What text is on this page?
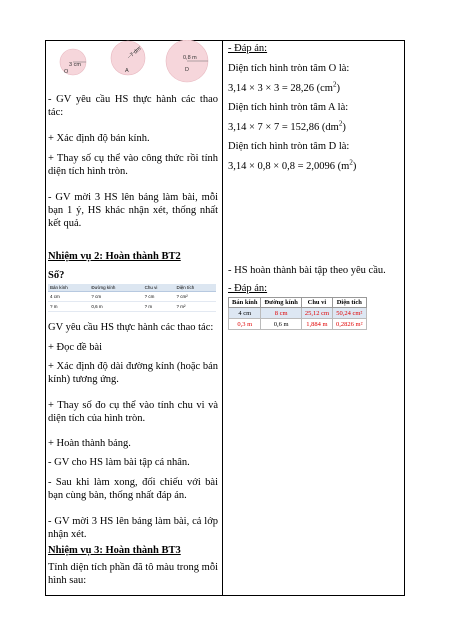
3 cm
O
7 dm
A
0,8 m
D
- GV yêu cầu HS thực hành các thao tác:
+ Xác định độ bán kính.
+ Thay số cụ thể vào công thức rồi tính diện tích hình tròn.
- GV mời 3 HS lên bảng làm bài, mỗi bạn 1 ý, HS khác nhận xét, thống nhất kết quả.
Nhiệm vụ 2: Hoàn thành BT2
Số?
Bán kính	Đường kính	Chu vi	Diện tích
4 cm	? cm	? cm	? cm²
? m	0,6 m	? m	? m²
GV yêu cầu HS thực hành các thao tác:
+ Đọc đề bài
+ Xác định độ dài đường kính (hoặc bán kính) tương ứng.
+ Thay số đo cụ thể vào tính chu vi và diện tích của hình tròn.
+ Hoàn thành bảng.
- GV cho HS làm bài tập cá nhân.
- Sau khi làm xong, đối chiếu với bài bạn cùng bàn, thống nhất đáp án.
- GV mời 3 HS lên bảng làm bài, cả lớp nhận xét.
Nhiệm vụ 3: Hoàn thành BT3
Tính diện tích phần đã tô màu trong mỗi hình sau:
- Đáp án:
Diện tích hình tròn tâm O là:
3,14 × 3 × 3 = 28,26 $(cm^2)$
Diện tích hình tròn tâm A là:
3,14 × 7 × 7 = 152,86 $(dm^2)$
Diện tích hình tròn tâm D là:
3,14 × 0,8 × 0,8 = 2,0096 $(m^2)$
- HS hoàn thành bài tập theo yêu cầu.
- Đáp án:
Bán kính	Đường kính	Chu vi	Diện tích
4 cm	8 cm	25,12 cm	50,24 cm²
0,3 m	0,6 m	1,884 m	0,2826 m²
